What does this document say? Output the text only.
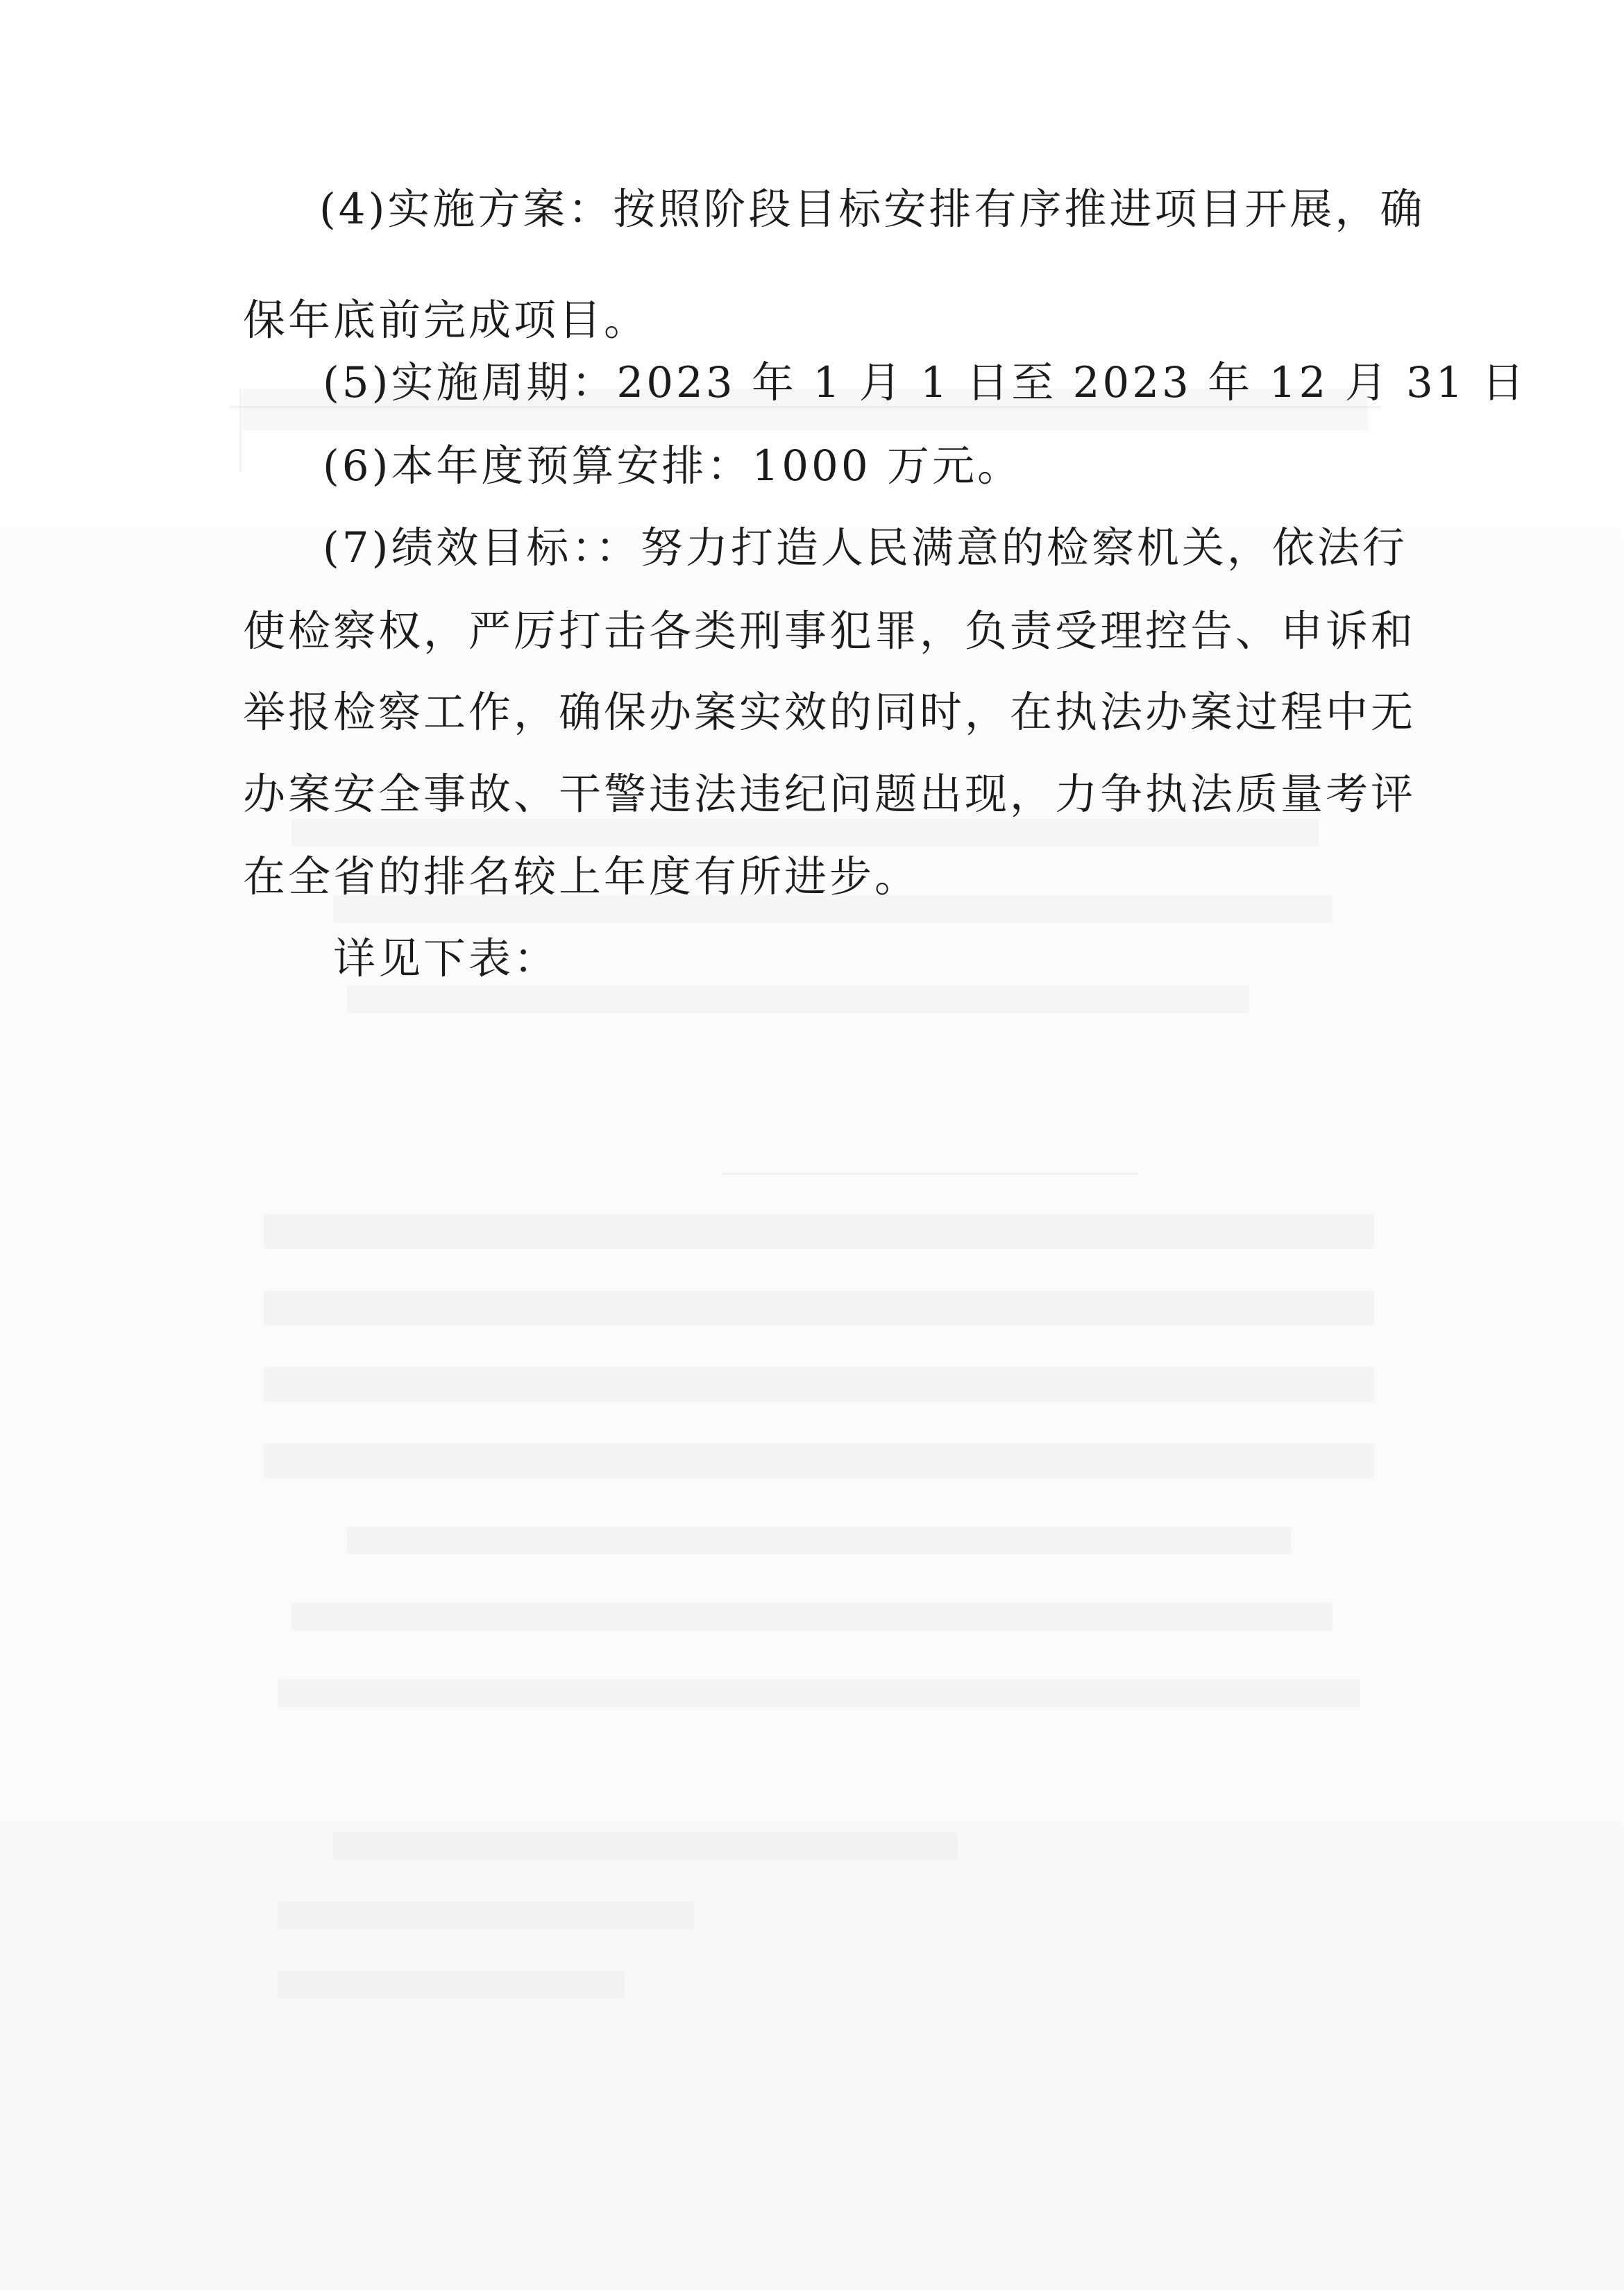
(4)实施方案：按照阶段目标安排有序推进项目开展，确
保年底前完成项目。
(5)实施周期：2023 年 1 月 1 日至 2023 年 12 月 31 日
(6)本年度预算安排：1000 万元。
(7)绩效目标：：努力打造人民满意的检察机关，依法行
使检察权，严厉打击各类刑事犯罪，负责受理控告、申诉和
举报检察工作，确保办案实效的同时，在执法办案过程中无
办案安全事故、干警违法违纪问题出现，力争执法质量考评
在全省的排名较上年度有所进步。
详见下表：
